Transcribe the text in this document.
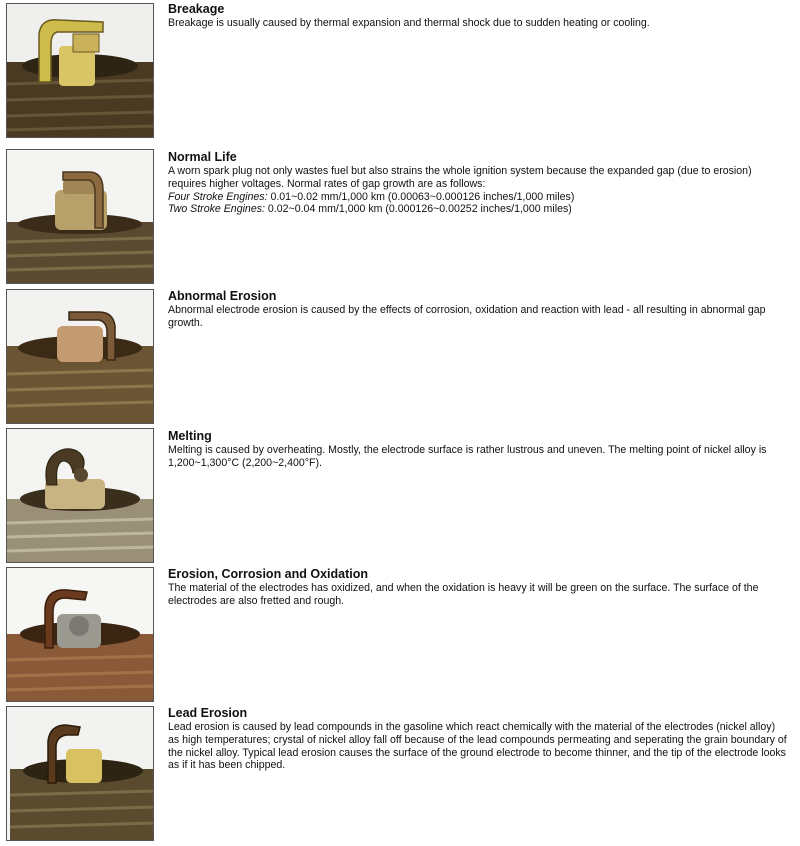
Breakage

Breakage is usually caused by thermal expansion and thermal shock due to sudden heating or cooling.

Normal Life

A worn spark plug not only wastes fuel but also strains the whole ignition system because the expanded gap (due to erosion) requires higher voltages. Normal rates of gap growth are as follows:

Four Stroke Engines: 0.01~0.02 mm/1,000 km (0.00063~0.000126 inches/1,000 miles)

Two Stroke Engines: 0.02~0.04 mm/1,000 km (0.000126~0.00252 inches/1,000 miles)

Abnormal Erosion

Abnormal electrode erosion is caused by the effects of corrosion, oxidation and reaction with lead - all resulting in abnormal gap growth.

Melting

Melting is caused by overheating. Mostly, the electrode surface is rather lustrous and uneven. The melting point of nickel alloy is 1,200~1,300°C (2,200~2,400°F).

Erosion, Corrosion and Oxidation

The material of the electrodes has oxidized, and when the oxidation is heavy it will be green on the surface. The surface of the electrodes are also fretted and rough.

Lead Erosion

Lead erosion is caused by lead compounds in the gasoline which react chemically with the material of the electrodes (nickel alloy) as high temperatures; crystal of nickel alloy fall off because of the lead compounds permeating and seperating the grain boundary of the nickel alloy. Typical lead erosion causes the surface of the ground electrode to become thinner, and the tip of the electrode looks as if it has been chipped.
